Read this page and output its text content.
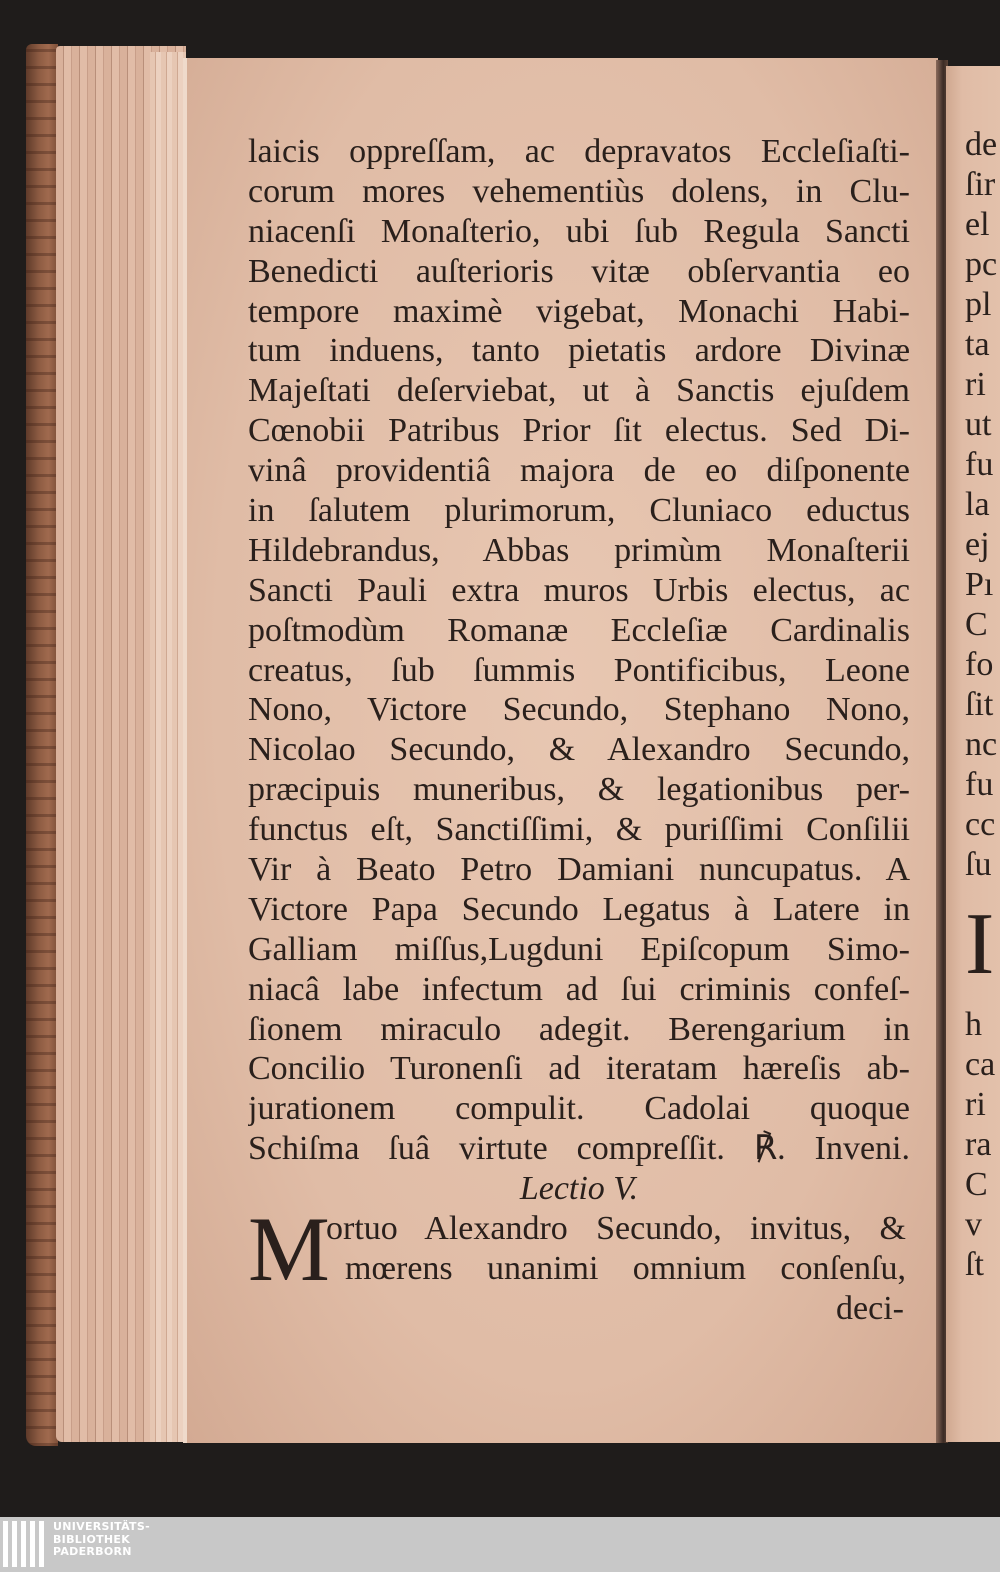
de
ſir
el
pc
pl
ta
ri
ut
fu
la
ej
Pı
C
fo
ſit
nc
fu
cc
ſu
I
h
ca
ri
ra
C
v
ſt
laicis oppreſſam, ac depravatos Eccleſiaſti-
corum mores vehementiùs dolens, in Clu-
niacenſi Monaſterio, ubi ſub Regula Sancti
Benedicti auſterioris vitæ obſervantia eo
tempore maximè vigebat, Monachi Habi-
tum induens, tanto pietatis ardore Divinæ
Majeſtati deſerviebat, ut à Sanctis ejuſdem
Cœnobii Patribus Prior ſit electus. Sed Di-
vinâ providentiâ majora de eo diſponente
in ſalutem plurimorum, Cluniaco eductus
Hildebrandus, Abbas primùm Monaſterii
Sancti Pauli extra muros Urbis electus, ac
poſtmodùm Romanæ Eccleſiæ Cardinalis
creatus, ſub ſummis Pontificibus, Leone
Nono, Victore Secundo, Stephano Nono,
Nicolao Secundo, & Alexandro Secundo,
præcipuis muneribus, & legationibus per-
functus eſt, Sanctiſſimi, & puriſſimi Conſilii
Vir à Beato Petro Damiani nuncupatus. A
Victore Papa Secundo Legatus à Latere in
Galliam miſſus,Lugduni Epiſcopum Simo-
niacâ labe infectum ad ſui criminis confeſ-
ſionem miraculo adegit. Berengarium in
Concilio Turonenſi ad iteratam hæreſis ab-
jurationem compulit. Cadolai quoque
Schiſma ſuâ virtute compreſſit. ℟. Inveni.
Lectio V.
M
ortuo Alexandro Secundo, invitus, &
mœrens unanimi omnium conſenſu,
deci-
UNIVERSITÄTS-
BIBLIOTHEK
PADERBORN
